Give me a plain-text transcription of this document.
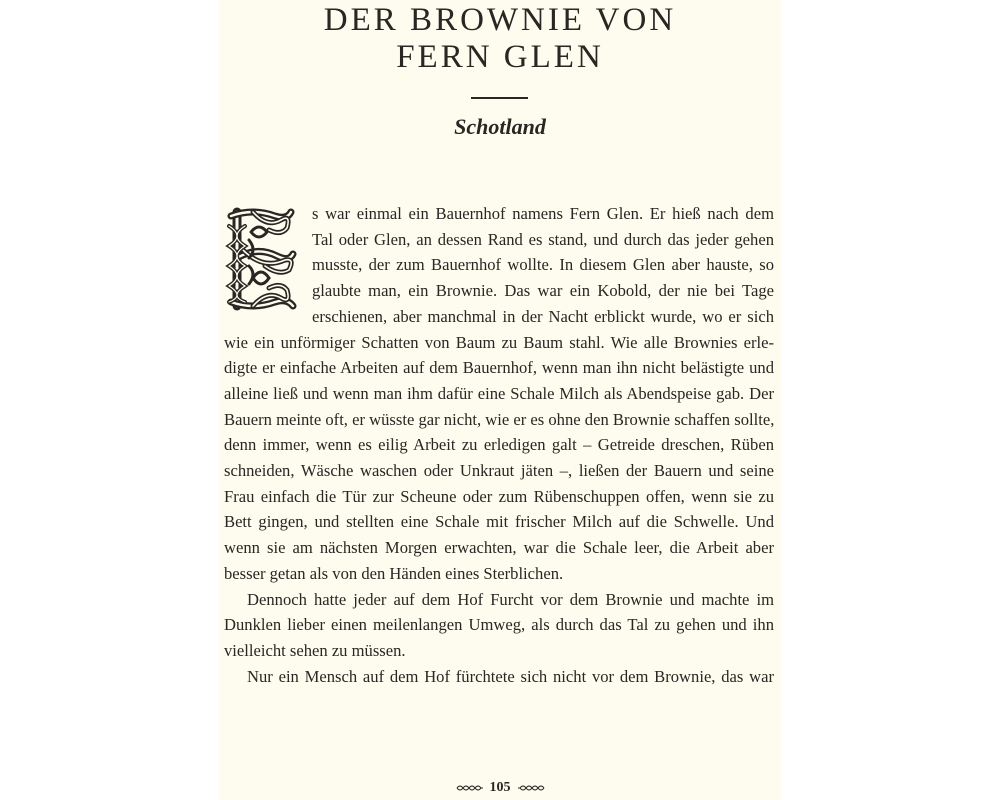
DER BROWNIE VON
FERN GLEN
Schotland

s war einmal ein Bauernhof namens Fern Glen. Er hieß nach dem
Tal oder Glen, an dessen Rand es stand, und durch das jeder gehen
musste, der zum Bauernhof wollte. In diesem Glen aber hauste, so
glaubte man, ein Brownie. Das war ein Kobold, der nie bei Tage
erschienen, aber manchmal in der Nacht erblickt wurde, wo er sich
wie ein unförmiger Schatten von Baum zu Baum stahl. Wie alle Brownies erle-
digte er einfache Arbeiten auf dem Bauernhof, wenn man ihn nicht belästigte und
alleine ließ und wenn man ihm dafür eine Schale Milch als Abendspeise gab. Der
Bauern meinte oft, er wüsste gar nicht, wie er es ohne den Brownie schaffen sollte,
denn immer, wenn es eilig Arbeit zu erledigen galt – Getreide dreschen, Rüben
schneiden, Wäsche waschen oder Unkraut jäten –, ließen der Bauern und seine
Frau einfach die Tür zur Scheune oder zum Rübenschuppen offen, wenn sie zu
Bett gingen, und stellten eine Schale mit frischer Milch auf die Schwelle. Und
wenn sie am nächsten Morgen erwachten, war die Schale leer, die Arbeit aber
besser getan als von den Händen eines Sterblichen.

Dennoch hatte jeder auf dem Hof Furcht vor dem Brownie und machte im
Dunklen lieber einen meilenlangen Umweg, als durch das Tal zu gehen und ihn
vielleicht sehen zu müssen.

Nur ein Mensch auf dem Hof fürchtete sich nicht vor dem Brownie, das war

105
